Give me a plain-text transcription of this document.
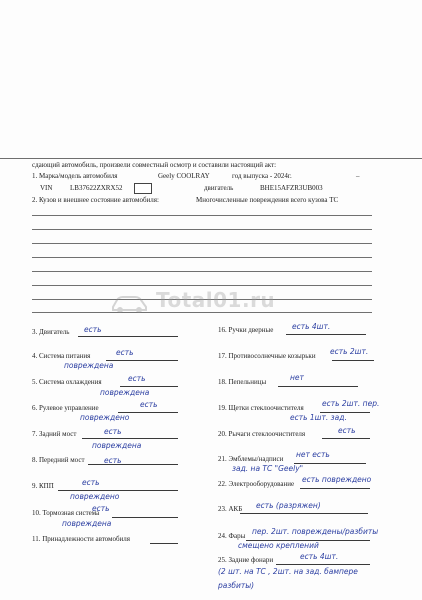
сдающий автомобиль, произвели совместный осмотр и составили настоящий акт:
1. Марка/модель автомобиля	Geely COOLRAY	год выпуска - 2024г.	–
VIN	LB37622ZXRX52	двигатель	BHE15AFZR3UB003
2. Кузов и внешнее состояние автомобиля:	Многочисленные повреждения всего кузова ТС
Total01.ru
3. Двигатель есть
4. Система питания	есть
повреждена
5. Система охлаждения	есть
повреждена
6. Рулевое управление	есть
повреждено
7. Задний мост	есть
повреждена
8. Передний мост	есть
9. КПП	есть
повреждено
10. Тормозная система
есть
повреждена
11. Принадлежности автомобиля
16. Ручки дверные есть 4шт.
17. Противосолнечные козырьки есть 2шт.
18. Пепельницы	нет
19. Щетки стеклоочистителя есть 2шт. пер.
есть 1шт. зад.
20. Рычаги стеклоочистителя	есть
21. Эмблемы/надписи нет есть
зад. на ТС "Geely"
22. Электрооборудование есть повреждено
23. АКБ есть (разряжен)
24. Фары пер. 2шт. повреждены/разбиты
смещено креплений
25. Задние фонари	есть 4шт.
(2 шт. на ТС , 2шт. на зад. бампере
разбиты)
